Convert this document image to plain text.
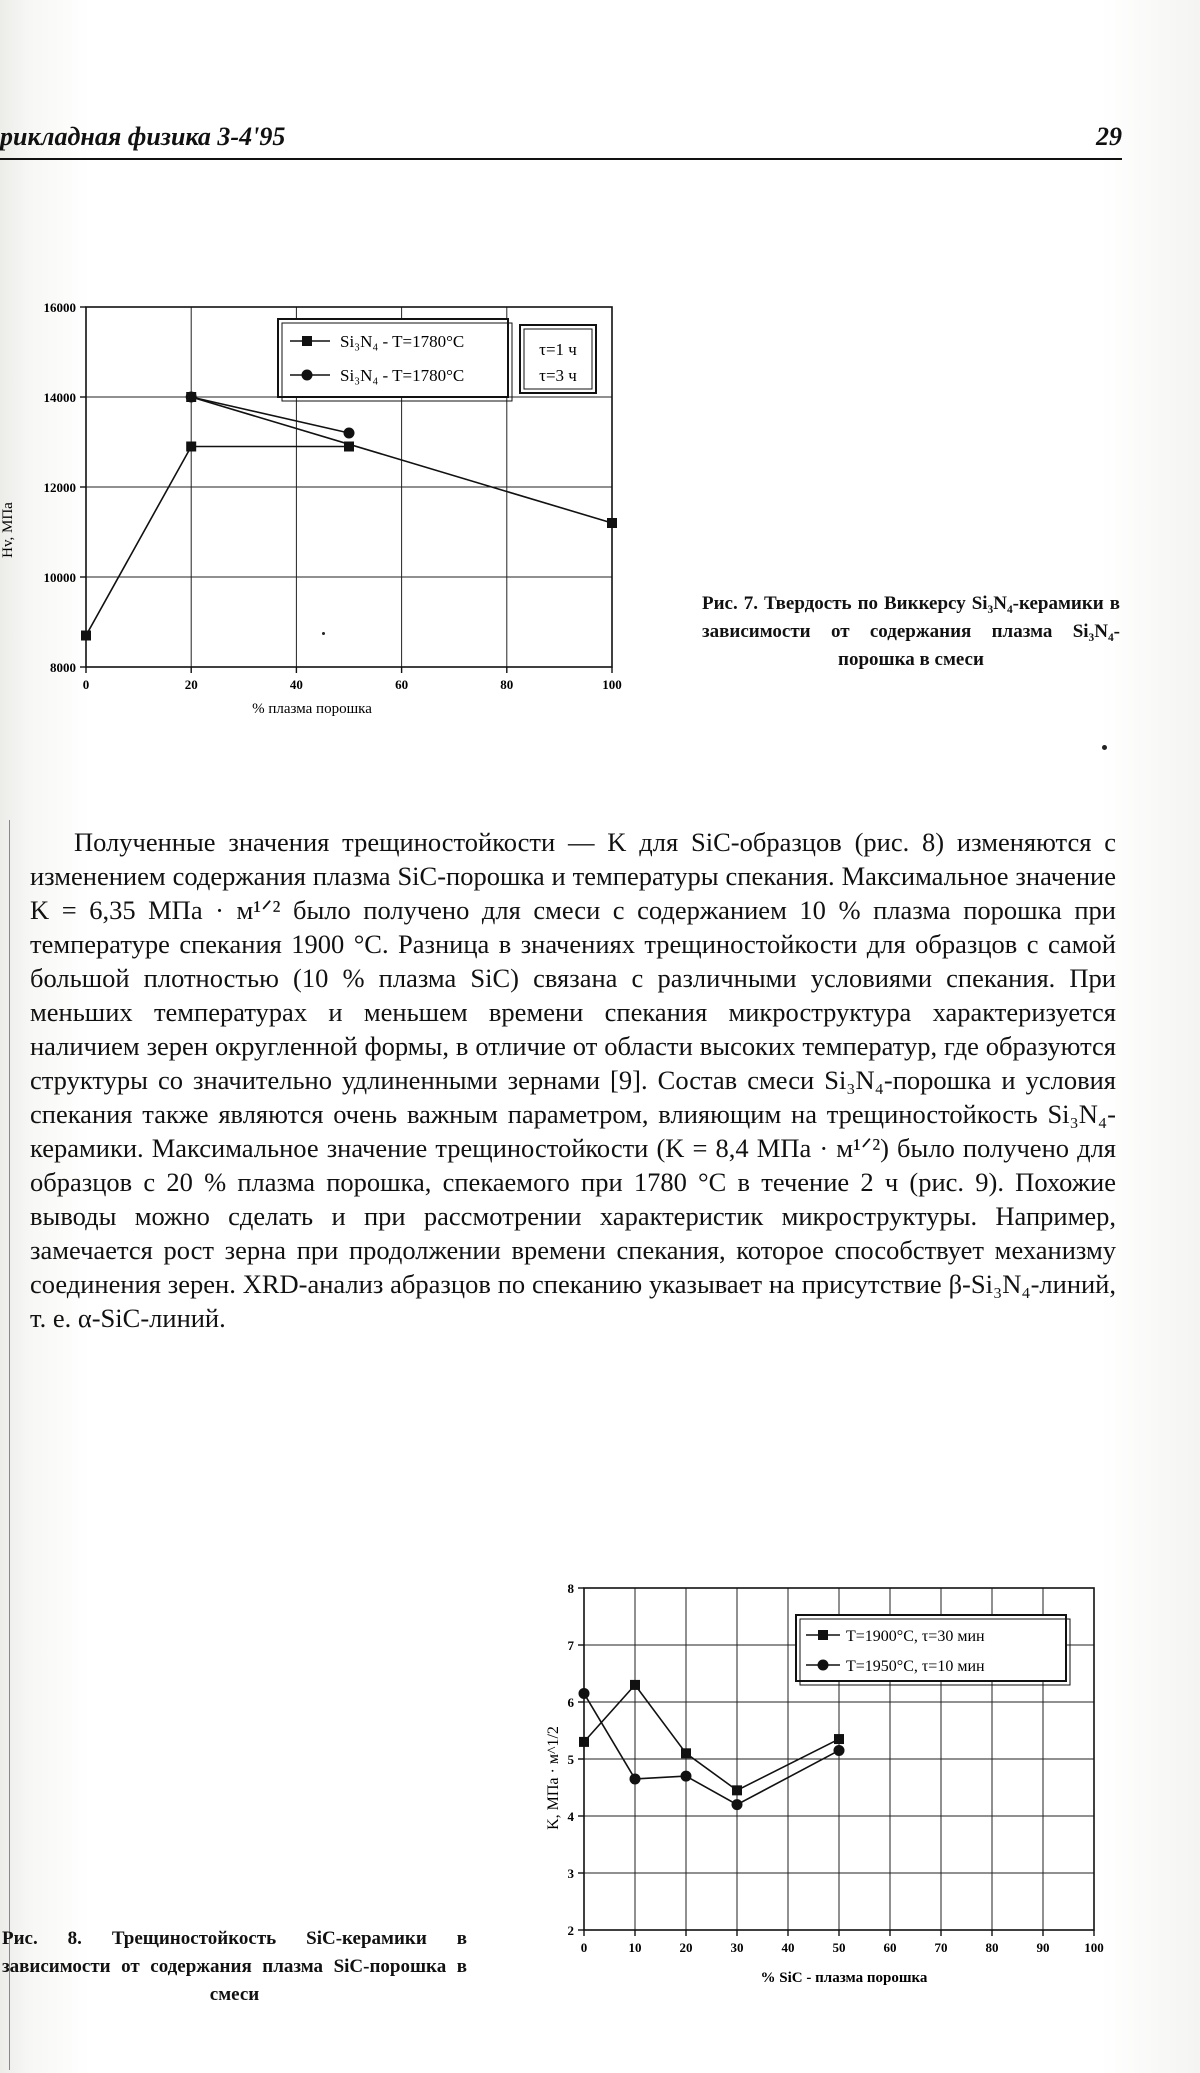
рикладная физика 3-4'95	29
0	20	40	60	80	100
8000
10000
12000
14000
16000
% плазма порошка
Hv, МПа
Si₃N₄ - T=1780°C
Si₃N₄ - T=1780°C
τ=1 ч
τ=3 ч
Рис. 7. Твердость по Виккерсу Si₃N₄-керамики в зависимости от содержания плазма Si₃N₄-порошка в смеси

Полученные значения трещиностойкости — K для SiC-образцов (рис. 8) изменяются с изменением содержания плазма SiC-порошка и температуры спекания. Максимальное значение K = 6,35 МПа · м¹ᐟ² было получено для смеси с содержанием 10 % плазма порошка при температуре спекания 1900 °C. Разница в значениях трещиностойкости для образцов с самой большой плотностью (10 % плазма SiC) связана с различными условиями спекания. При меньших температурах и меньшем времени спекания микроструктура характеризуется наличием зерен округленной формы, в отличие от области высоких температур, где образуются структуры со значительно удлиненными зернами [9]. Состав смеси Si₃N₄-порошка и условия спекания также являются очень важным параметром, влияющим на трещиностойкость Si₃N₄-керамики. Максимальное значение трещиностойкости (K = 8,4 МПа · м¹ᐟ²) было получено для образцов с 20 % плазма порошка, спекаемого при 1780 °C в течение 2 ч (рис. 9). Похожие выводы можно сделать и при рассмотрении характеристик микроструктуры. Например, замечается рост зерна при продолжении времени спекания, которое способствует механизму соединения зерен. XRD-анализ абразцов по спеканию указывает на присутствие β-Si₃N₄-линий, т. е. α-SiC-линий.

0	10	20	30	40	50	60	70	80	90	100
2
3
4
5
6
7
8
% SiC - плазма порошка
K, МПа · м^1/2
T=1900°C, τ=30 мин
T=1950°C, τ=10 мин
Рис. 8. Трещиностойкость SiC-керамики в зависимости от содержания плазма SiC-порошка в смеси
